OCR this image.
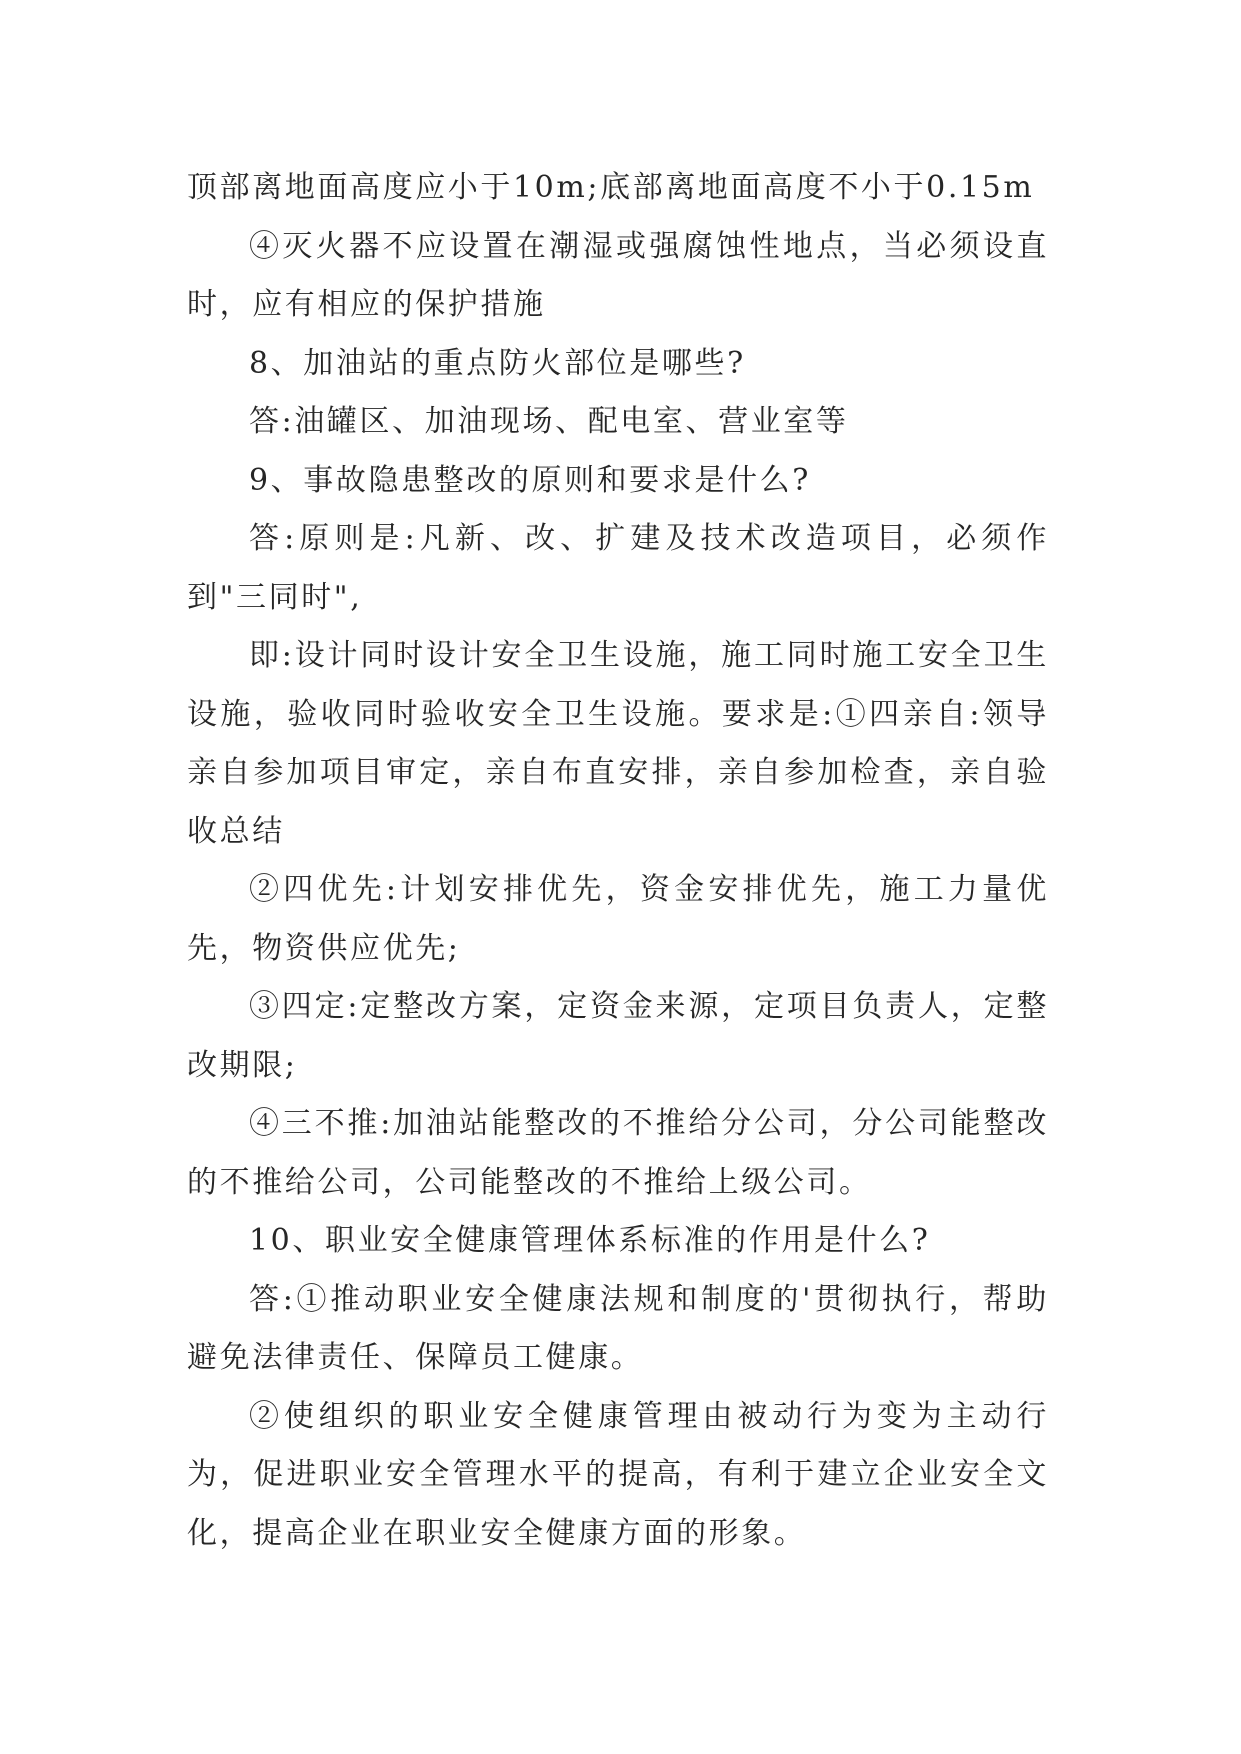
顶部离地面高度应小于10m;底部离地面高度不小于0.15m

④灭火器不应设置在潮湿或强腐蚀性地点，当必须设直时，应有相应的保护措施

8、加油站的重点防火部位是哪些?

答:油罐区、加油现场、配电室、营业室等

9、事故隐患整改的原则和要求是什么?

答:原则是:凡新、改、扩建及技术改造项目，必须作到"三同时",

即:设计同时设计安全卫生设施，施工同时施工安全卫生设施，验收同时验收安全卫生设施。要求是:①四亲自:领导亲自参加项目审定，亲自布直安排，亲自参加检查，亲自验收总结

②四优先:计划安排优先，资金安排优先，施工力量优先，物资供应优先;

③四定:定整改方案，定资金来源，定项目负责人，定整改期限;

④三不推:加油站能整改的不推给分公司，分公司能整改的不推给公司，公司能整改的不推给上级公司。

10、职业安全健康管理体系标准的作用是什么?

答:①推动职业安全健康法规和制度的'贯彻执行，帮助避免法律责任、保障员工健康。

②使组织的职业安全健康管理由被动行为变为主动行为，促进职业安全管理水平的提高，有利于建立企业安全文化，提高企业在职业安全健康方面的形象。
